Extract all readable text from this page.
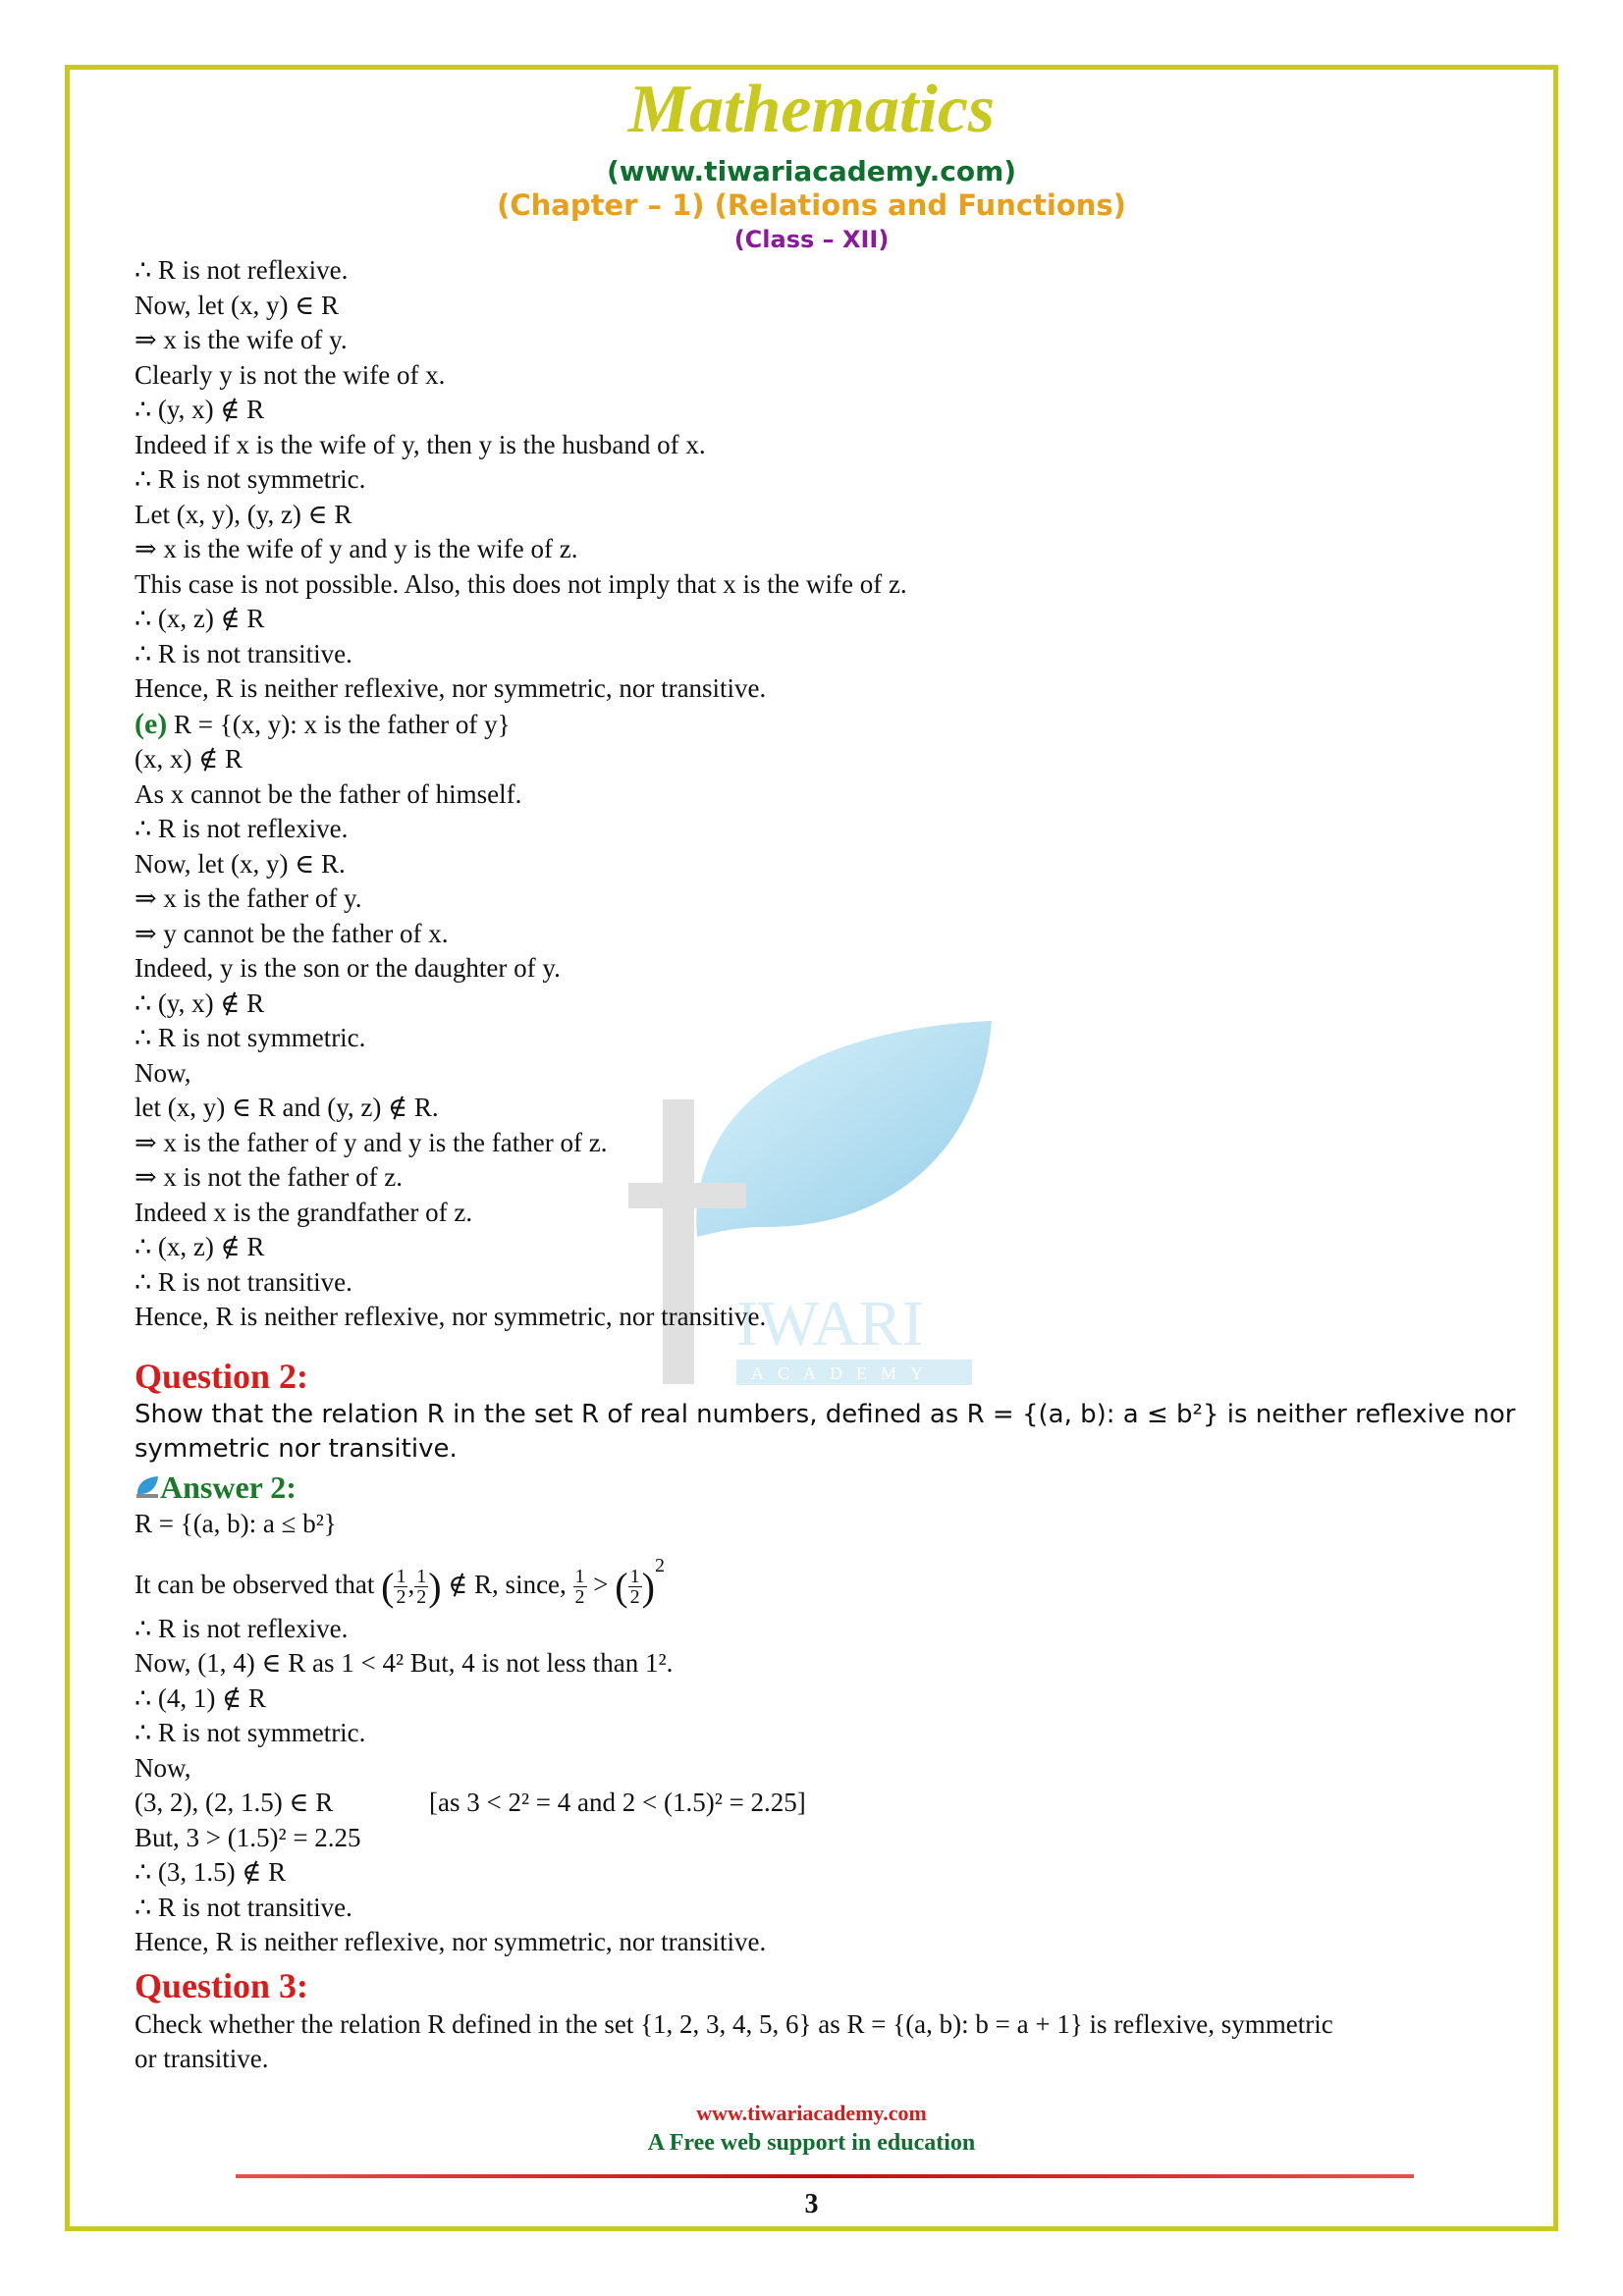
Mathematics
(www.tiwariacademy.com)
(Chapter – 1) (Relations and Functions)
(Class – XII)
IWARI
ACADEMY
∴ R is not reflexive.
Now, let (x, y) ∈ R
⇒ x is the wife of y.
Clearly y is not the wife of x.
∴ (y, x) ∉ R
Indeed if x is the wife of y, then y is the husband of x.
∴ R is not symmetric.
Let (x, y), (y, z) ∈ R
⇒ x is the wife of y and y is the wife of z.
This case is not possible. Also, this does not imply that x is the wife of z.
∴ (x, z) ∉ R
∴ R is not transitive.
Hence, R is neither reflexive, nor symmetric, nor transitive.
(e) R = {(x, y): x is the father of y}
(x, x) ∉ R
As x cannot be the father of himself.
∴ R is not reflexive.
Now, let (x, y) ∈ R.
⇒ x is the father of y.
⇒ y cannot be the father of x.
Indeed, y is the son or the daughter of y.
∴ (y, x) ∉ R
∴ R is not symmetric.
Now,
let (x, y) ∈ R and (y, z) ∉ R.
⇒ x is the father of y and y is the father of z.
⇒ x is not the father of z.
Indeed x is the grandfather of z.
∴ (x, z) ∉ R
∴ R is not transitive.
Hence, R is neither reflexive, nor symmetric, nor transitive.
Question 2:
Show that the relation R in the set R of real numbers, defined as R = {(a, b): a ≤ b²} is neither reflexive nor
symmetric nor transitive.
Answer 2:
R = {(a, b): a ≤ b²}
It can be observed that ( $\frac{1}{2}$ , $\frac{1}{2}$ ) ∉ R, since, $\frac{1}{2}$ > ( $\frac{1}{2} )^2$
∴ R is not reflexive.
Now, (1, 4) ∈ R as 1 < 4² But, 4 is not less than 1².
∴ (4, 1) ∉ R
∴ R is not symmetric.
Now,
(3, 2), (2, 1.5) ∈ R	[as 3 < 2² = 4 and 2 < (1.5)² = 2.25]
But, 3 > (1.5)² = 2.25
∴ (3, 1.5) ∉ R
∴ R is not transitive.
Hence, R is neither reflexive, nor symmetric, nor transitive.
Question 3:
Check whether the relation R defined in the set {1, 2, 3, 4, 5, 6} as R = {(a, b): b = a + 1} is reflexive, symmetric
or transitive.
www.tiwariacademy.com
A Free web support in education
3
